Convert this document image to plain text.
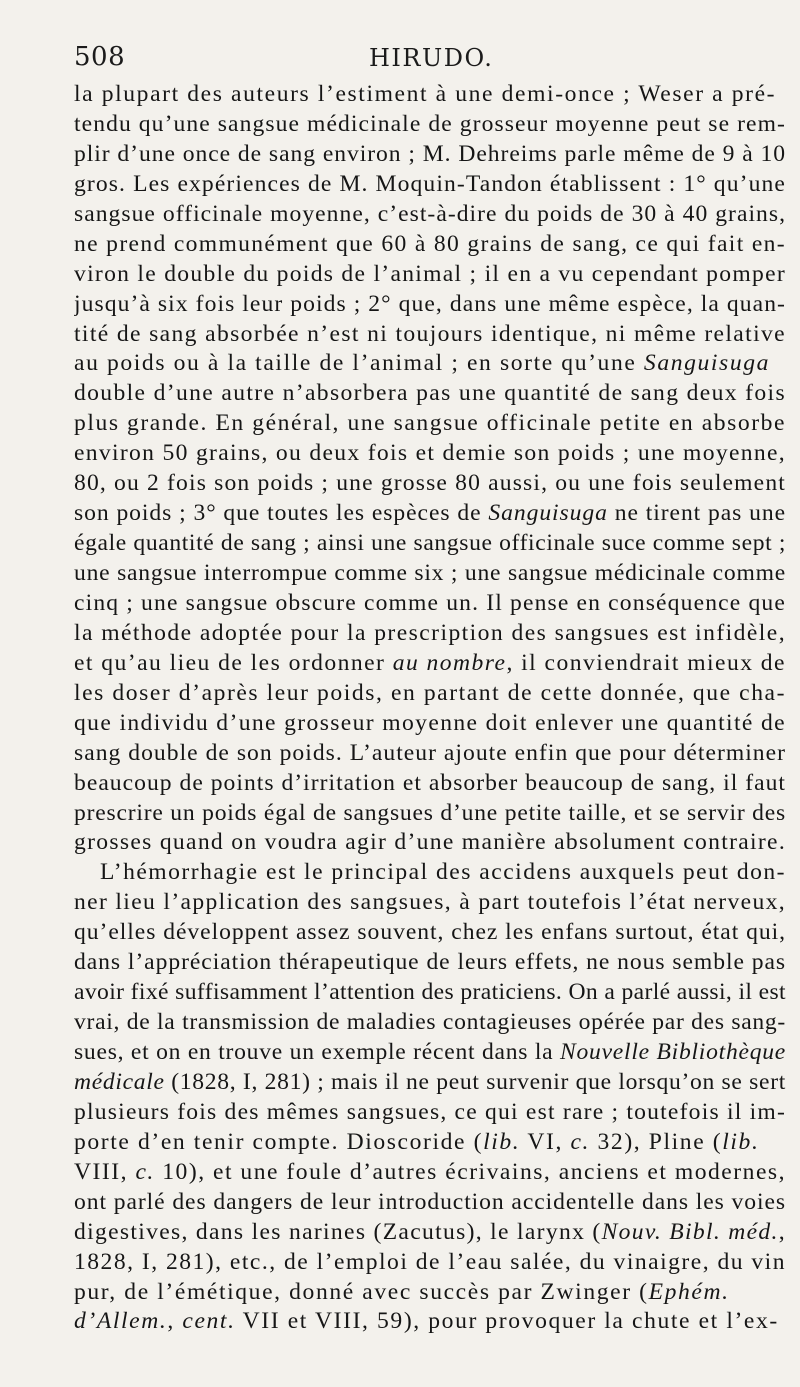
508	HIRUDO.
la plupart des auteurs l’estiment à une demi-once ; Weser a pré-
tendu qu’une sangsue médicinale de grosseur moyenne peut se rem-
plir d’une once de sang environ ; M. Dehreims parle même de 9 à 10
gros. Les expériences de M. Moquin-Tandon établissent : 1° qu’une
sangsue officinale moyenne, c’est-à-dire du poids de 30 à 40 grains,
ne prend communément que 60 à 80 grains de sang, ce qui fait en-
viron le double du poids de l’animal ; il en a vu cependant pomper
jusqu’à six fois leur poids ; 2° que, dans une même espèce, la quan-
tité de sang absorbée n’est ni toujours identique, ni même relative
au poids ou à la taille de l’animal ; en sorte qu’une Sanguisuga
double d’une autre n’absorbera pas une quantité de sang deux fois
plus grande. En général, une sangsue officinale petite en absorbe
environ 50 grains, ou deux fois et demie son poids ; une moyenne,
80, ou 2 fois son poids ; une grosse 80 aussi, ou une fois seulement
son poids ; 3° que toutes les espèces de Sanguisuga ne tirent pas une
égale quantité de sang ; ainsi une sangsue officinale suce comme sept ;
une sangsue interrompue comme six ; une sangsue médicinale comme
cinq ; une sangsue obscure comme un. Il pense en conséquence que
la méthode adoptée pour la prescription des sangsues est infidèle,
et qu’au lieu de les ordonner au nombre, il conviendrait mieux de
les doser d’après leur poids, en partant de cette donnée, que cha-
que individu d’une grosseur moyenne doit enlever une quantité de
sang double de son poids. L’auteur ajoute enfin que pour déterminer
beaucoup de points d’irritation et absorber beaucoup de sang, il faut
prescrire un poids égal de sangsues d’une petite taille, et se servir des
grosses quand on voudra agir d’une manière absolument contraire.
L’hémorrhagie est le principal des accidens auxquels peut don-
ner lieu l’application des sangsues, à part toutefois l’état nerveux,
qu’elles développent assez souvent, chez les enfans surtout, état qui,
dans l’appréciation thérapeutique de leurs effets, ne nous semble pas
avoir fixé suffisamment l’attention des praticiens. On a parlé aussi, il est
vrai, de la transmission de maladies contagieuses opérée par des sang-
sues, et on en trouve un exemple récent dans la Nouvelle Bibliothèque
médicale (1828, I, 281) ; mais il ne peut survenir que lorsqu’on se sert
plusieurs fois des mêmes sangsues, ce qui est rare ; toutefois il im-
porte d’en tenir compte. Dioscoride (lib. VI, c. 32), Pline (lib.
VIII, c. 10), et une foule d’autres écrivains, anciens et modernes,
ont parlé des dangers de leur introduction accidentelle dans les voies
digestives, dans les narines (Zacutus), le larynx (Nouv. Bibl. méd.,
1828, I, 281), etc., de l’emploi de l’eau salée, du vinaigre, du vin
pur, de l’émétique, donné avec succès par Zwinger (Ephém.
d’Allem., cent. VII et VIII, 59), pour provoquer la chute et l’ex-
